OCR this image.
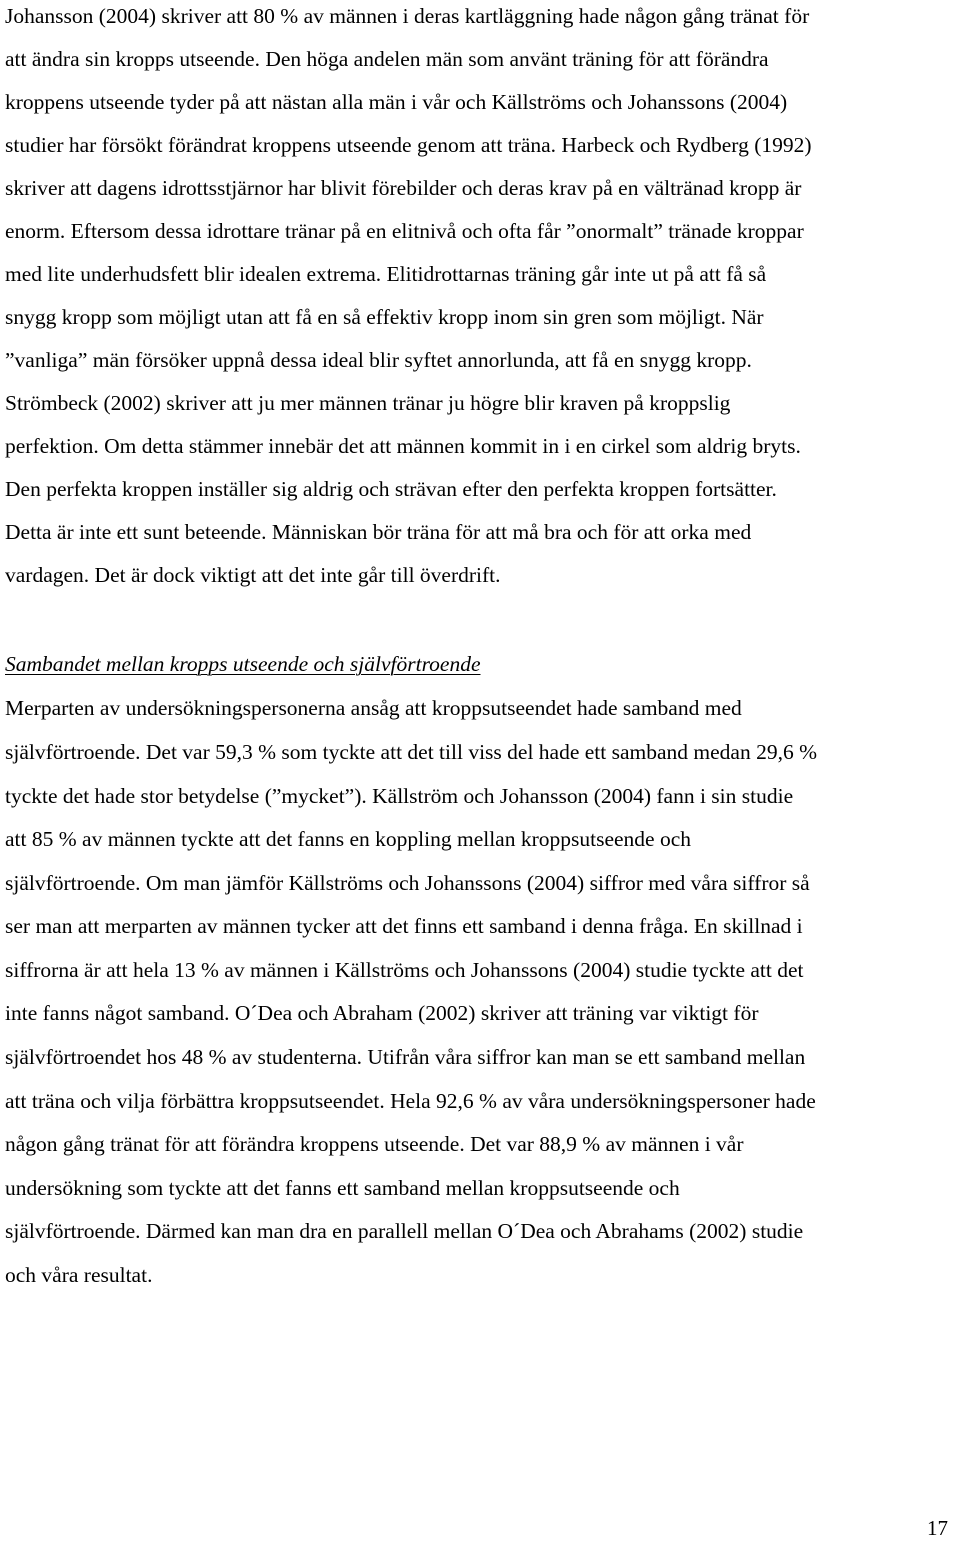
Johansson (2004) skriver att 80 % av männen i deras kartläggning hade någon gång tränat för

att ändra sin kropps utseende. Den höga andelen män som använt träning för att förändra

kroppens utseende tyder på att nästan alla män i vår och Källströms och Johanssons (2004)

studier har försökt förändrat kroppens utseende genom att träna. Harbeck och Rydberg (1992)

skriver att dagens idrottsstjärnor har blivit förebilder och deras krav på en vältränad kropp är

enorm. Eftersom dessa idrottare tränar på en elitnivå och ofta får ”onormalt” tränade kroppar

med lite underhudsfett blir idealen extrema. Elitidrottarnas träning går inte ut på att få så

snygg kropp som möjligt utan att få en så effektiv kropp inom sin gren som möjligt. När

”vanliga” män försöker uppnå dessa ideal blir syftet annorlunda, att få en snygg kropp.

Strömbeck (2002) skriver att ju mer männen tränar ju högre blir kraven på kroppslig

perfektion. Om detta stämmer innebär det att männen kommit in i en cirkel som aldrig bryts.

Den perfekta kroppen inställer sig aldrig och strävan efter den perfekta kroppen fortsätter.

Detta är inte ett sunt beteende. Människan bör träna för att må bra och för att orka med

vardagen. Det är dock viktigt att det inte går till överdrift.

Sambandet mellan kropps utseende och självförtroende

Merparten av undersökningspersonerna ansåg att kroppsutseendet hade samband med

självförtroende. Det var 59,3 % som tyckte att det till viss del hade ett samband medan 29,6 %

tyckte det hade stor betydelse (”mycket”). Källström och Johansson (2004) fann i sin studie

att 85 % av männen tyckte att det fanns en koppling mellan kroppsutseende och

självförtroende. Om man jämför Källströms och Johanssons (2004) siffror med våra siffror så

ser man att merparten av männen tycker att det finns ett samband i denna fråga. En skillnad i

siffrorna är att hela 13 % av männen i Källströms och Johanssons (2004) studie tyckte att det

inte fanns något samband. O´Dea och Abraham (2002) skriver att träning var viktigt för

självförtroendet hos 48 % av studenterna. Utifrån våra siffror kan man se ett samband mellan

att träna och vilja förbättra kroppsutseendet. Hela 92,6 % av våra undersökningspersoner hade

någon gång tränat för att förändra kroppens utseende. Det var 88,9 % av männen i vår

undersökning som tyckte att det fanns ett samband mellan kroppsutseende och

självförtroende. Därmed kan man dra en parallell mellan O´Dea och Abrahams (2002) studie

och våra resultat.

17
